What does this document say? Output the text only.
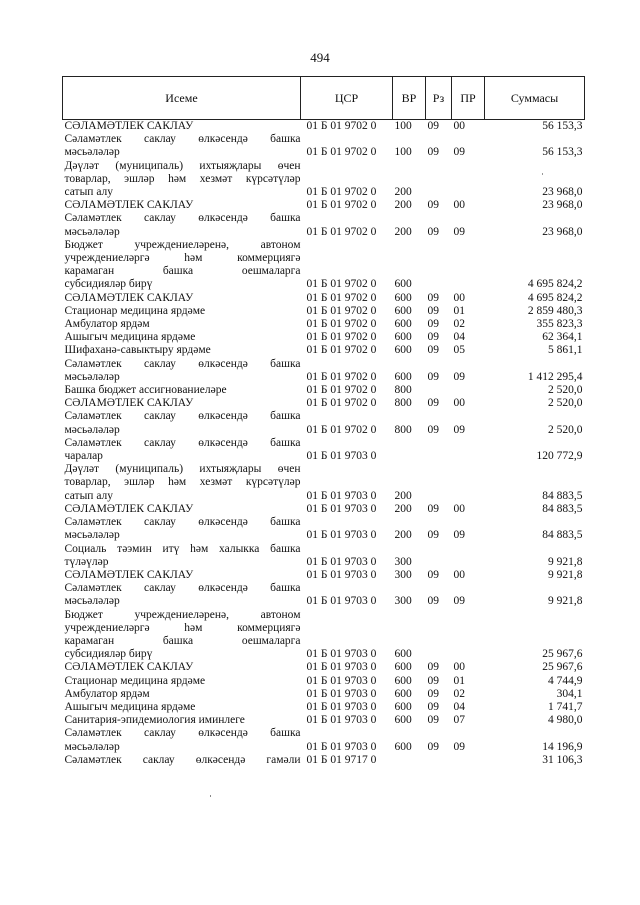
494
Исеме	ЦСР	ВР	Рз	ПР	Суммасы
СӘЛАМӘТЛЕК САКЛАУ	01 Б 01 9702 0	100	09	00	56 153,3
Сәламәтлек саклау өлкәсендә башка					
мәсьәләләр	01 Б 01 9702 0	100	09	09	56 153,3
Дәүләт (муниципаль) ихтыяҗлары өчен					
товарлар, эшләр һәм хезмәт күрсәтүләр					
сатып алу	01 Б 01 9702 0	200			23 968,0
СӘЛАМӘТЛЕК САКЛАУ	01 Б 01 9702 0	200	09	00	23 968,0
Сәламәтлек саклау өлкәсендә башка					
мәсьәләләр	01 Б 01 9702 0	200	09	09	23 968,0
Бюджет учреждениеләренә, автоном					
учреждениеләргә һәм коммерциягә					
карамаган башка оешмаларга					
субсидияләр бирү	01 Б 01 9702 0	600			4 695 824,2
СӘЛАМӘТЛЕК САКЛАУ	01 Б 01 9702 0	600	09	00	4 695 824,2
Стационар медицина ярдәме	01 Б 01 9702 0	600	09	01	2 859 480,3
Амбулатор ярдәм	01 Б 01 9702 0	600	09	02	355 823,3
Ашыгыч медицина ярдәме	01 Б 01 9702 0	600	09	04	62 364,1
Шифаханә-савыктыру ярдәме	01 Б 01 9702 0	600	09	05	5 861,1
Сәламәтлек саклау өлкәсендә башка					
мәсьәләләр	01 Б 01 9702 0	600	09	09	1 412 295,4
Башка бюджет ассигнованиеләре	01 Б 01 9702 0	800			2 520,0
СӘЛАМӘТЛЕК САКЛАУ	01 Б 01 9702 0	800	09	00	2 520,0
Сәламәтлек саклау өлкәсендә башка					
мәсьәләләр	01 Б 01 9702 0	800	09	09	2 520,0
Сәламәтлек саклау өлкәсендә башка					
чаралар	01 Б 01 9703 0				120 772,9
Дәүләт (муниципаль) ихтыяҗлары өчен					
товарлар, эшләр һәм хезмәт күрсәтүләр					
сатып алу	01 Б 01 9703 0	200			84 883,5
СӘЛАМӘТЛЕК САКЛАУ	01 Б 01 9703 0	200	09	00	84 883,5
Сәламәтлек саклау өлкәсендә башка					
мәсьәләләр	01 Б 01 9703 0	200	09	09	84 883,5
Социаль тәэмин итү һәм халыкка башка					
түләүләр	01 Б 01 9703 0	300			9 921,8
СӘЛАМӘТЛЕК САКЛАУ	01 Б 01 9703 0	300	09	00	9 921,8
Сәламәтлек саклау өлкәсендә башка					
мәсьәләләр	01 Б 01 9703 0	300	09	09	9 921,8
Бюджет учреждениеләренә, автоном					
учреждениеләргә һәм коммерциягә					
карамаган башка оешмаларга					
субсидияләр бирү	01 Б 01 9703 0	600			25 967,6
СӘЛАМӘТЛЕК САКЛАУ	01 Б 01 9703 0	600	09	00	25 967,6
Стационар медицина ярдәме	01 Б 01 9703 0	600	09	01	4 744,9
Амбулатор ярдәм	01 Б 01 9703 0	600	09	02	304,1
Ашыгыч медицина ярдәме	01 Б 01 9703 0	600	09	04	1 741,7
Санитария-эпидемиология иминлеге	01 Б 01 9703 0	600	09	07	4 980,0
Сәламәтлек саклау өлкәсендә башка					
мәсьәләләр	01 Б 01 9703 0	600	09	09	14 196,9
Сәламәтлек саклау өлкәсендә гамәли	01 Б 01 9717 0				31 106,3
